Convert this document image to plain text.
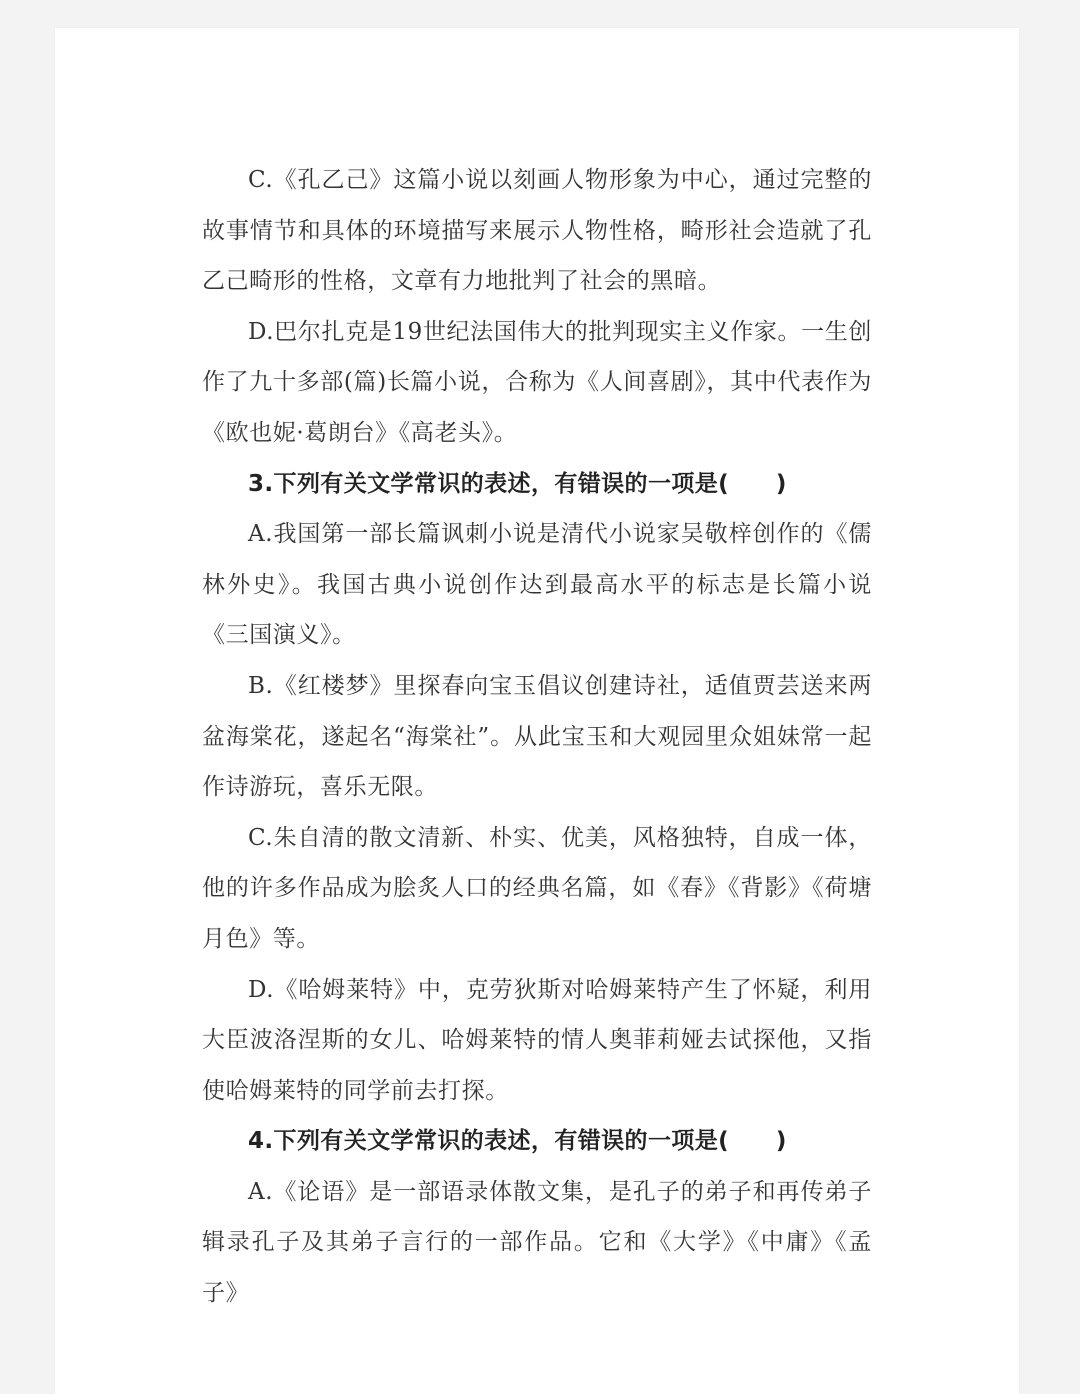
C.《孔乙己》这篇小说以刻画人物形象为中心，通过完整的故事情节和具体的环境描写来展示人物性格，畸形社会造就了孔乙己畸形的性格，文章有力地批判了社会的黑暗。

D.巴尔扎克是19世纪法国伟大的批判现实主义作家。一生创作了九十多部(篇)长篇小说，合称为《人间喜剧》，其中代表作为《欧也妮·葛朗台》《高老头》。

3.下列有关文学常识的表述，有错误的一项是(　　)

A.我国第一部长篇讽刺小说是清代小说家吴敬梓创作的《儒林外史》。我国古典小说创作达到最高水平的标志是长篇小说《三国演义》。

B.《红楼梦》里探春向宝玉倡议创建诗社，适值贾芸送来两盆海棠花，遂起名“海棠社”。从此宝玉和大观园里众姐妹常一起作诗游玩，喜乐无限。

C.朱自清的散文清新、朴实、优美，风格独特，自成一体，他的许多作品成为脍炙人口的经典名篇，如《春》《背影》《荷塘月色》等。

D.《哈姆莱特》中，克劳狄斯对哈姆莱特产生了怀疑，利用大臣波洛涅斯的女儿、哈姆莱特的情人奥菲莉娅去试探他，又指使哈姆莱特的同学前去打探。

4.下列有关文学常识的表述，有错误的一项是(　　)

A.《论语》是一部语录体散文集，是孔子的弟子和再传弟子辑录孔子及其弟子言行的一部作品。它和《大学》《中庸》《孟子》
